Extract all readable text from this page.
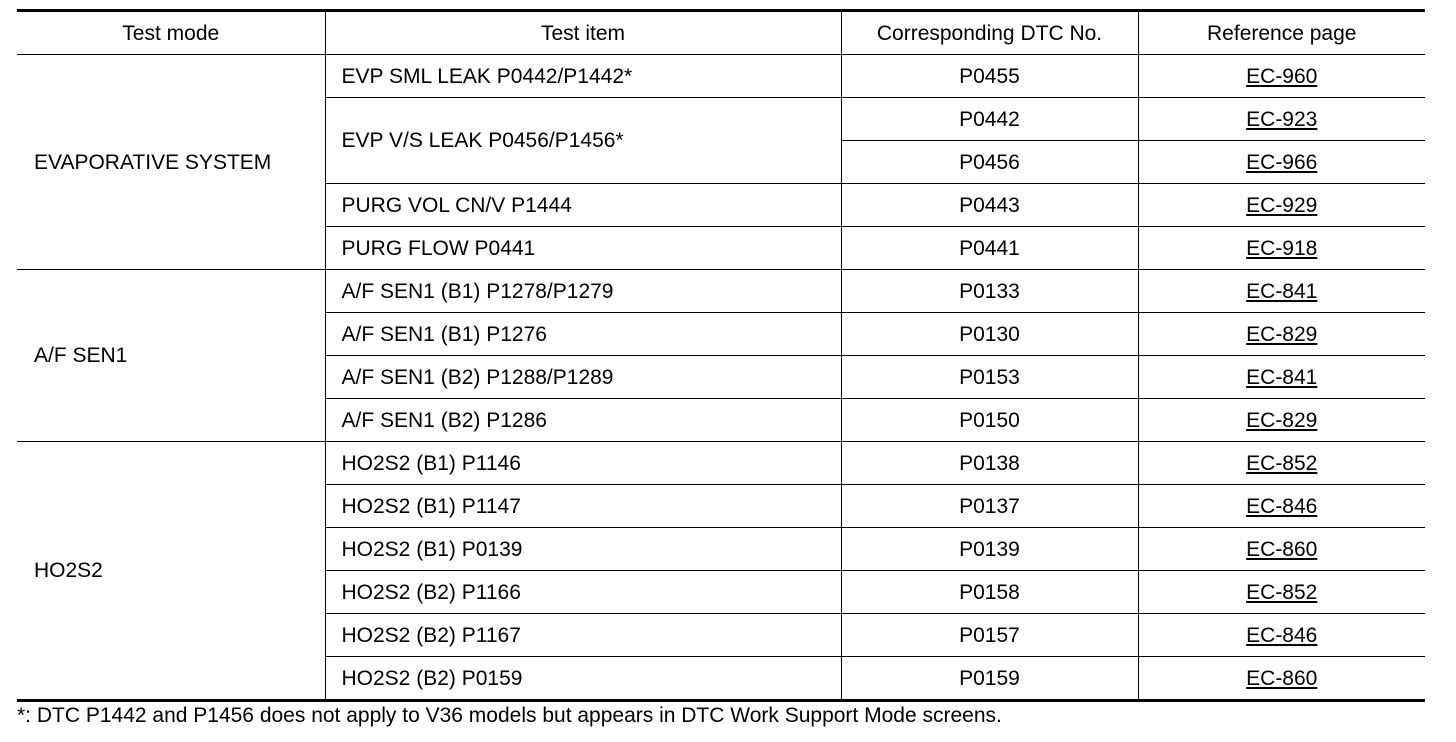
Test mode	Test item	Corresponding DTC No.	Reference page
EVAPORATIVE SYSTEM	EVP SML LEAK P0442/P1442*	P0455	EC-960
	EVP V/S LEAK P0456/P1456*	P0442	EC-923
		P0456	EC-966
	PURG VOL CN/V P1444	P0443	EC-929
	PURG FLOW P0441	P0441	EC-918
A/F SEN1	A/F SEN1 (B1) P1278/P1279	P0133	EC-841
	A/F SEN1 (B1) P1276	P0130	EC-829
	A/F SEN1 (B2) P1288/P1289	P0153	EC-841
	A/F SEN1 (B2) P1286	P0150	EC-829
HO2S2	HO2S2 (B1) P1146	P0138	EC-852
	HO2S2 (B1) P1147	P0137	EC-846
	HO2S2 (B1) P0139	P0139	EC-860
	HO2S2 (B2) P1166	P0158	EC-852
	HO2S2 (B2) P1167	P0157	EC-846
	HO2S2 (B2) P0159	P0159	EC-860
*: DTC P1442 and P1456 does not apply to V36 models but appears in DTC Work Support Mode screens.
